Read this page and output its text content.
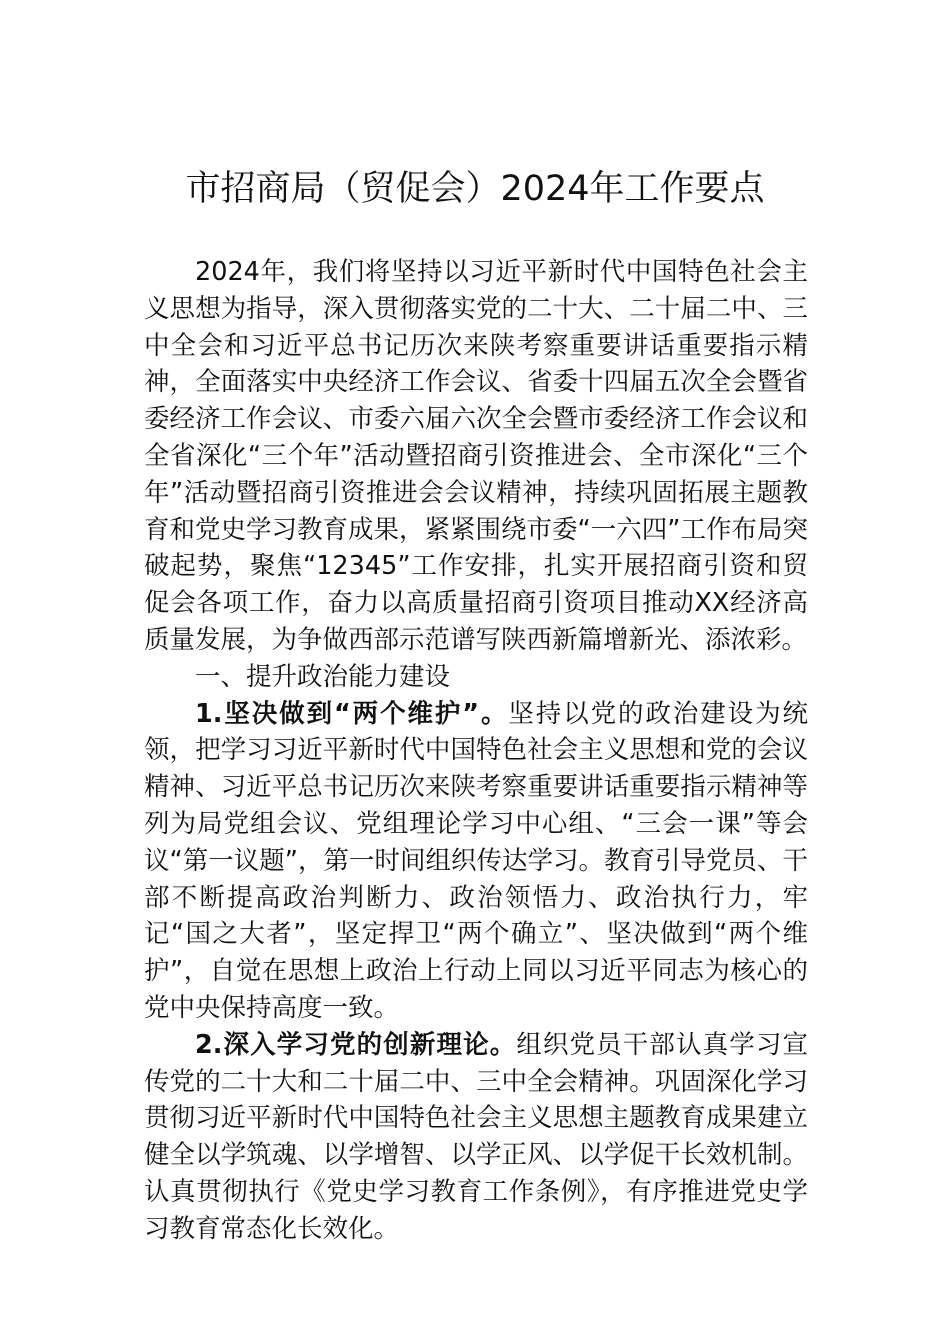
市招商局（贸促会）2024年工作要点

2024年，我们将坚持以习近平新时代中国特色社会主义思想为指导，深入贯彻落实党的二十大、二十届二中、三中全会和习近平总书记历次来陕考察重要讲话重要指示精神，全面落实中央经济工作会议、省委十四届五次全会暨省委经济工作会议、市委六届六次全会暨市委经济工作会议和全省深化“三个年”活动暨招商引资推进会、全市深化“三个年”活动暨招商引资推进会会议精神，持续巩固拓展主题教育和党史学习教育成果，紧紧围绕市委“一六四”工作布局突破起势，聚焦“12345”工作安排，扎实开展招商引资和贸促会各项工作，奋力以高质量招商引资项目推动XX经济高质量发展，为争做西部示范谱写陕西新篇增新光、添浓彩。

一、提升政治能力建设

1.坚决做到“两个维护”。坚持以党的政治建设为统领，把学习习近平新时代中国特色社会主义思想和党的会议精神、习近平总书记历次来陕考察重要讲话重要指示精神等列为局党组会议、党组理论学习中心组、“三会一课”等会议“第一议题”，第一时间组织传达学习。教育引导党员、干部不断提高政治判断力、政治领悟力、政治执行力，牢记“国之大者”，坚定捍卫“两个确立”、坚决做到“两个维护”，自觉在思想上政治上行动上同以习近平同志为核心的党中央保持高度一致。

2.深入学习党的创新理论。组织党员干部认真学习宣传党的二十大和二十届二中、三中全会精神。巩固深化学习贯彻习近平新时代中国特色社会主义思想主题教育成果建立健全以学筑魂、以学增智、以学正风、以学促干长效机制。认真贯彻执行《党史学习教育工作条例》，有序推进党史学习教育常态化长效化。
